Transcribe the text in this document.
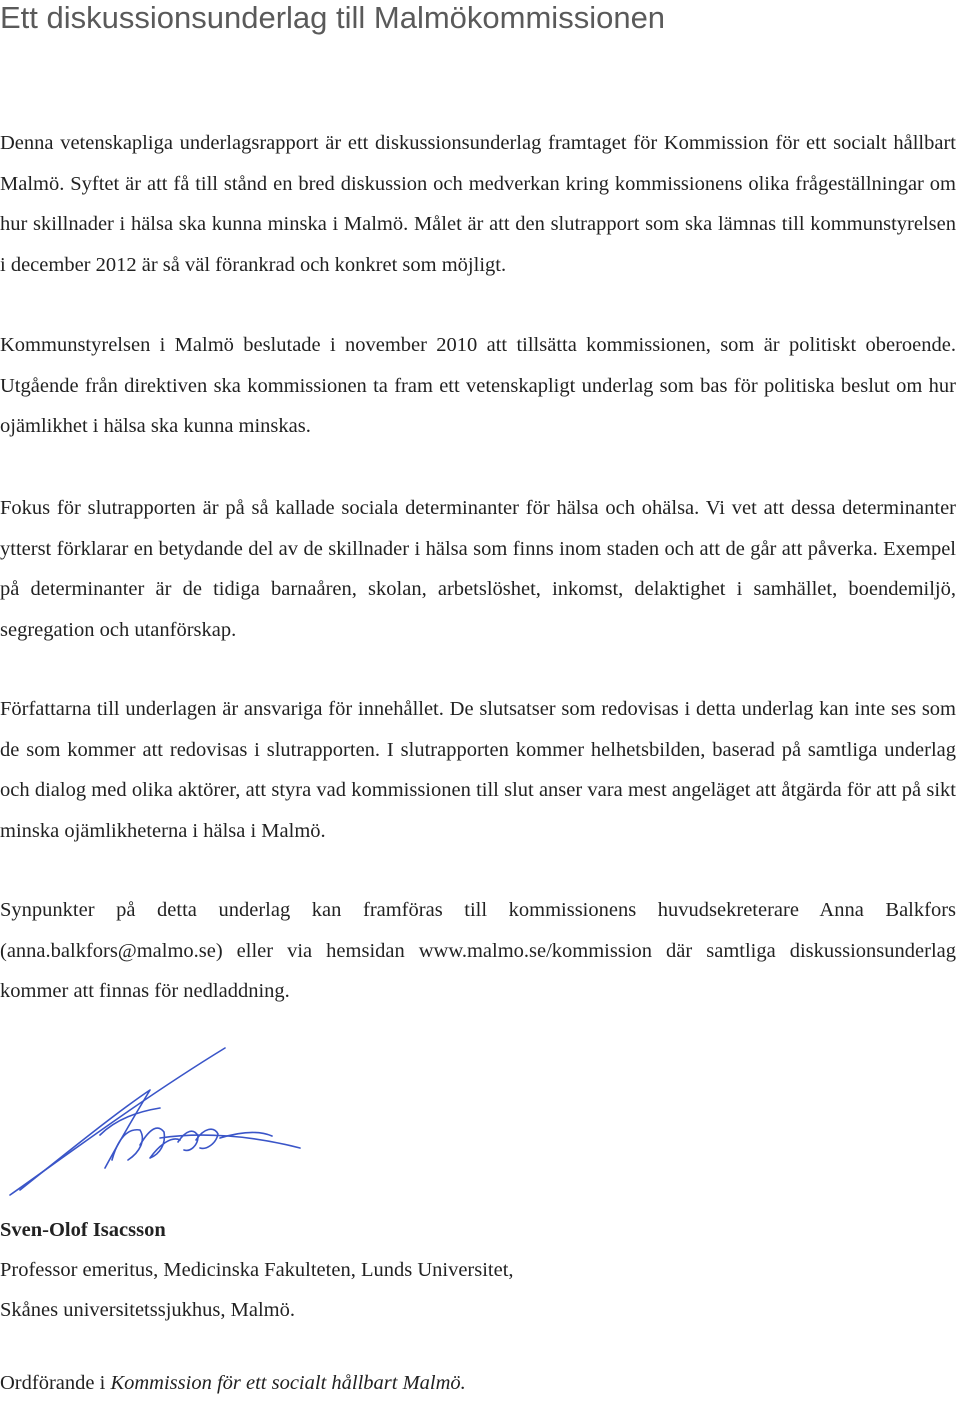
Ett diskussionsunderlag till Malmökommissionen

Denna vetenskapliga underlagsrapport är ett diskussionsunderlag framtaget för Kommission för ett socialt hållbart Malmö. Syftet är att få till stånd en bred diskussion och medverkan kring kommissionens olika frågeställningar om hur skillnader i hälsa ska kunna minska i Malmö. Målet är att den slutrapport som ska lämnas till kommunstyrelsen i december 2012 är så väl förankrad och konkret som möjligt.

Kommunstyrelsen i Malmö beslutade i november 2010 att tillsätta kommissionen, som är politiskt oberoende. Utgående från direktiven ska kommissionen ta fram ett vetenskapligt underlag som bas för politiska beslut om hur ojämlikhet i hälsa ska kunna minskas.

Fokus för slutrapporten är på så kallade sociala determinanter för hälsa och ohälsa. Vi vet att dessa determinanter ytterst förklarar en betydande del av de skillnader i hälsa som finns inom staden och att de går att påverka. Exempel på determinanter är de tidiga barnaåren, skolan, arbetslöshet, inkomst, delaktighet i samhället, boendemiljö, segregation och utanförskap.

Författarna till underlagen är ansvariga för innehållet. De slutsatser som redovisas i detta underlag kan inte ses som de som kommer att redovisas i slutrapporten. I slutrapporten kommer helhetsbilden, baserad på samtliga underlag och dialog med olika aktörer, att styra vad kommissionen till slut anser vara mest angeläget att åtgärda för att på sikt minska ojämlikheterna i hälsa i Malmö.

Synpunkter på detta underlag kan framföras till kommissionens huvudsekreterare Anna Balkfors (anna.balkfors@malmo.se) eller via hemsidan www.malmo.se/kommission där samtliga diskussionsunderlag kommer att finnas för nedladdning.

Sven-Olof Isacsson
Professor emeritus, Medicinska Fakulteten, Lunds Universitet,
Skånes universitetssjukhus, Malmö.
Ordförande i Kommission för ett socialt hållbart Malmö.
